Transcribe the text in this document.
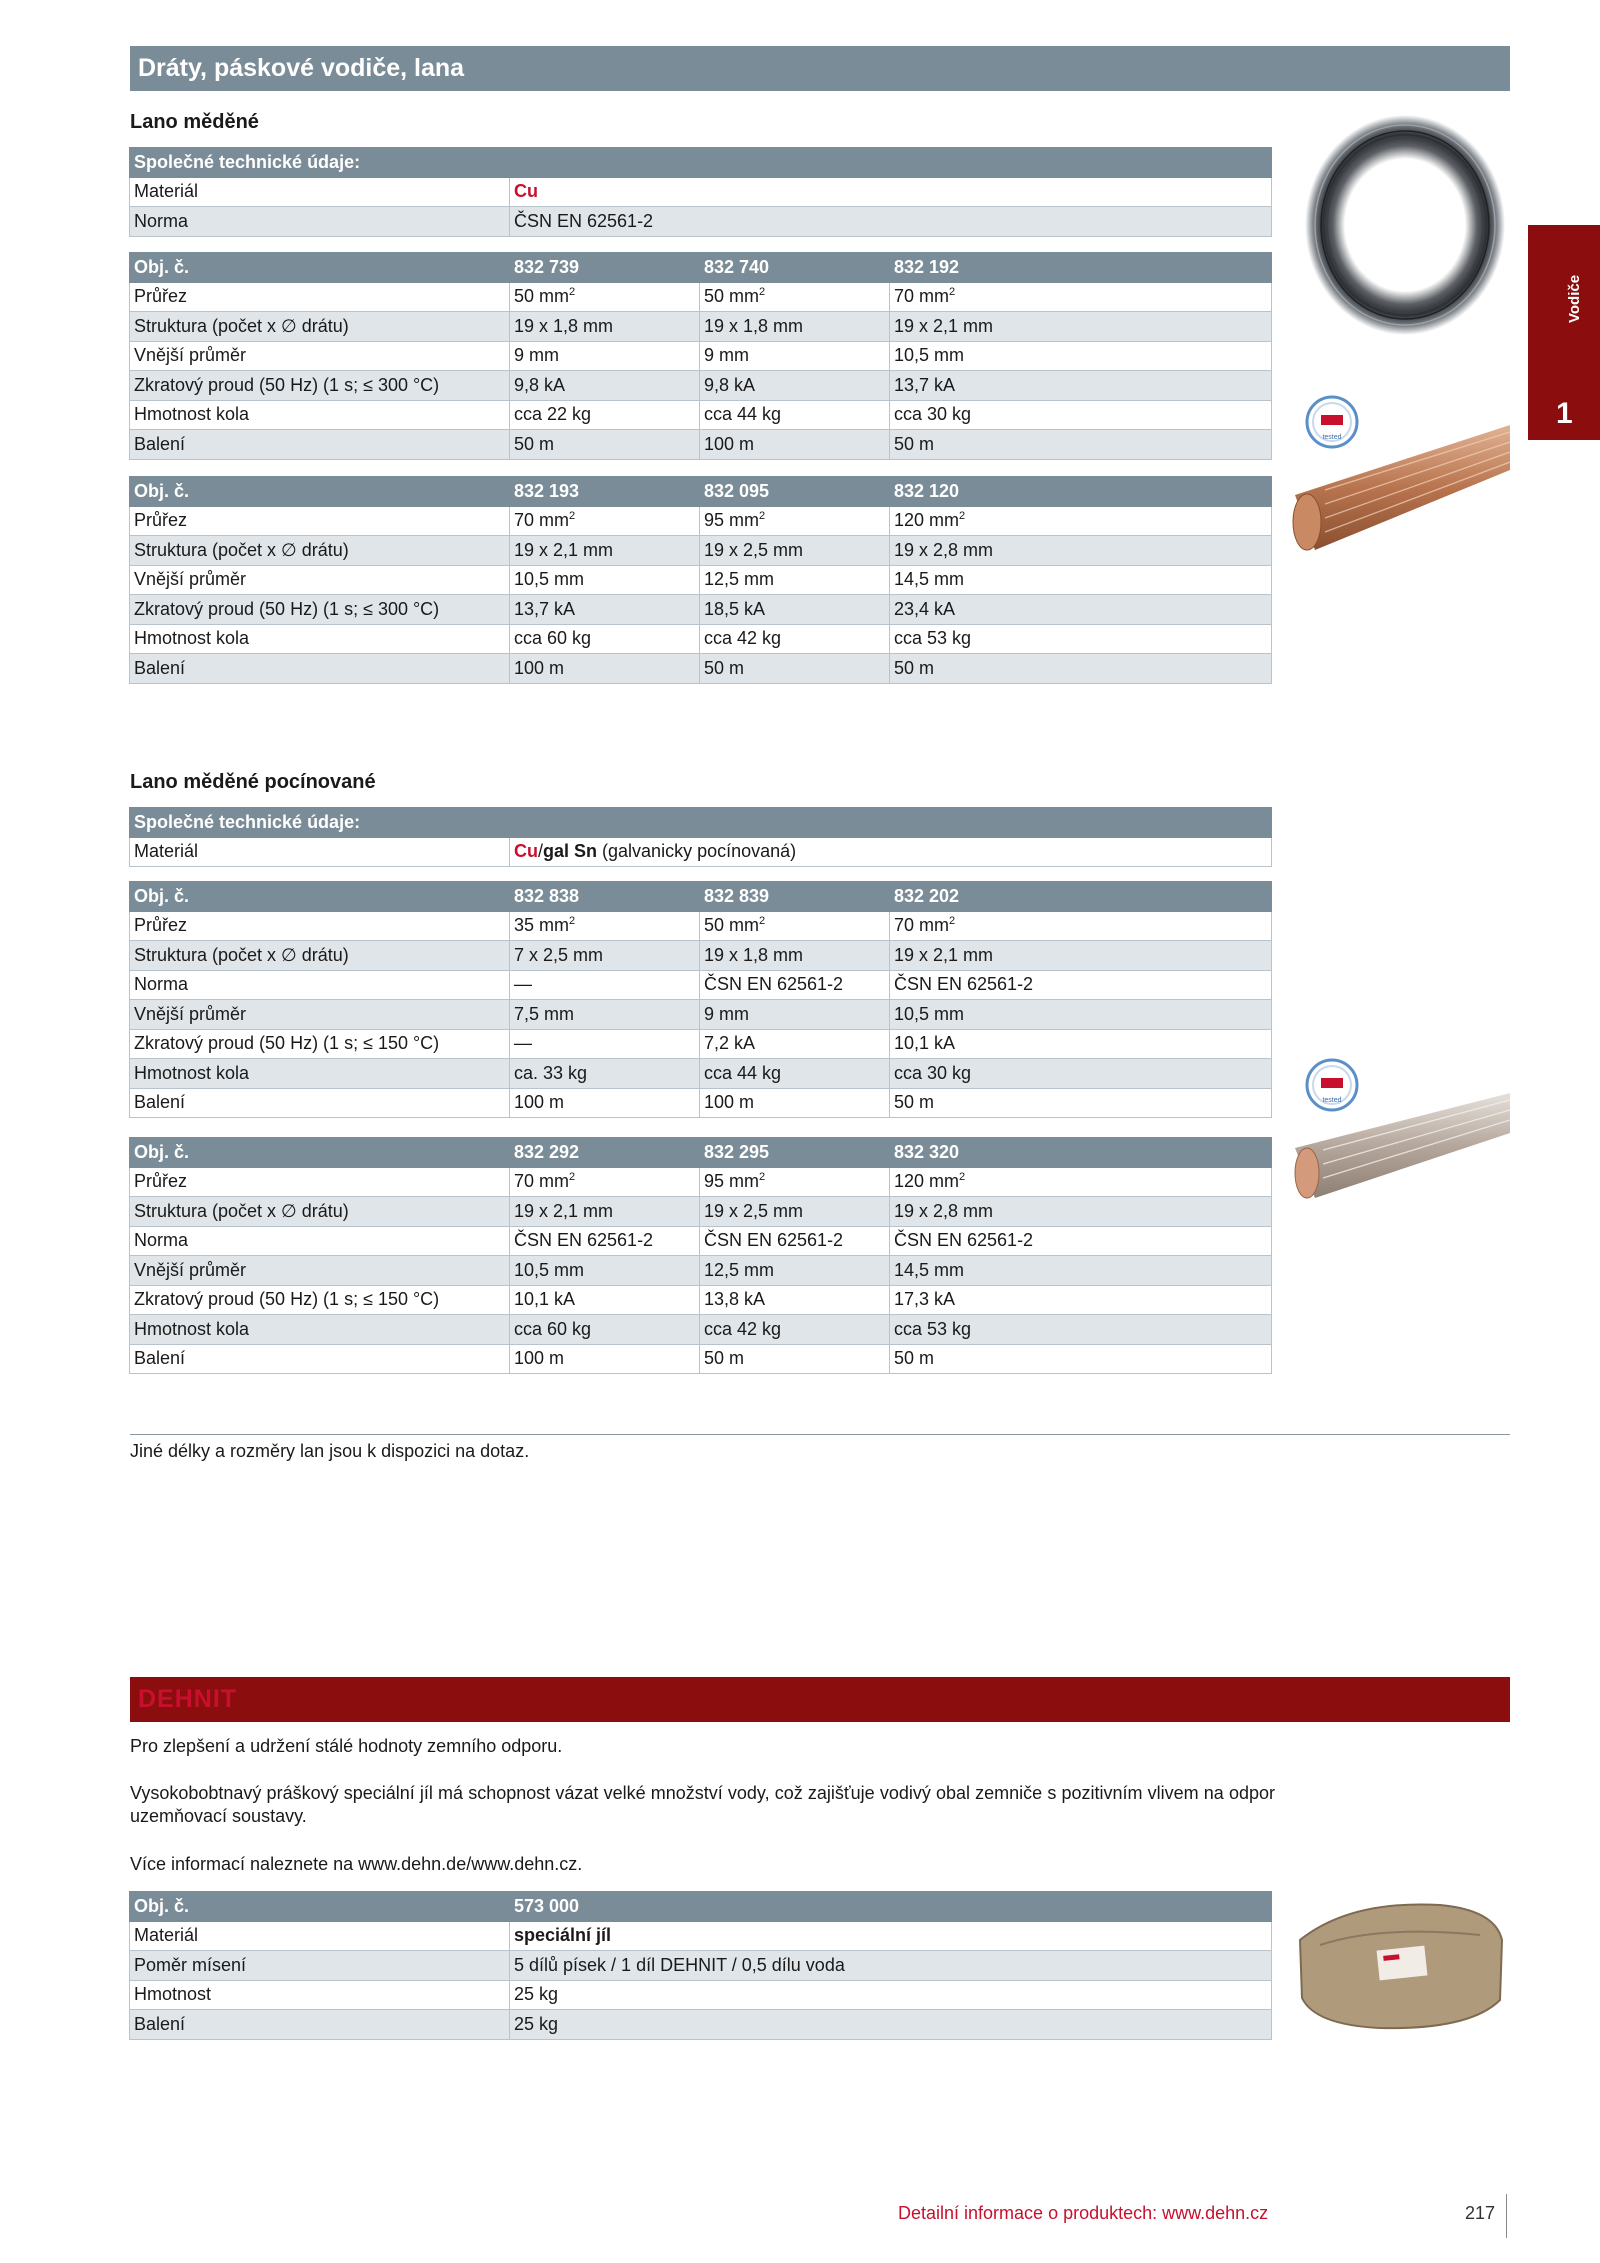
Dráty, páskové vodiče, lana
Vodiče
1
Lano měděné
Společné technické údaje:	
Materiál	Cu
Norma	ČSN EN 62561-2
Obj. č.	832 739	832 740	832 192
Průřez	50 $mm^2$	50 $mm^2$	70 $mm^2$
Struktura (počet x ∅ drátu)	19 x 1,8 mm	19 x 1,8 mm	19 x 2,1 mm
Vnější průměr	9 mm	9 mm	10,5 mm
Zkratový proud (50 Hz) (1 s; ≤ 300 °C)	9,8 kA	9,8 kA	13,7 kA
Hmotnost kola	cca 22 kg	cca 44 kg	cca 30 kg
Balení	50 m	100 m	50 m
Obj. č.	832 193	832 095	832 120
Průřez	70 $mm^2$	95 $mm^2$	120 $mm^2$
Struktura (počet x ∅ drátu)	19 x 2,1 mm	19 x 2,5 mm	19 x 2,8 mm
Vnější průměr	10,5 mm	12,5 mm	14,5 mm
Zkratový proud (50 Hz) (1 s; ≤ 300 °C)	13,7 kA	18,5 kA	23,4 kA
Hmotnost kola	cca 60 kg	cca 42 kg	cca 53 kg
Balení	100 m	50 m	50 m
Lano měděné pocínované
Společné technické údaje:
Materiál	Cu/gal Sn (galvanicky pocínovaná)
Obj. č.	832 838	832 839	832 202
Průřez	35 $mm^2$	50 $mm^2$	70 $mm^2$
Struktura (počet x ∅ drátu)	7 x 2,5 mm	19 x 1,8 mm	19 x 2,1 mm
Norma	—	ČSN EN 62561-2	ČSN EN 62561-2
Vnější průměr	7,5 mm	9 mm	10,5 mm
Zkratový proud (50 Hz) (1 s; ≤ 150 °C)	—	7,2 kA	10,1 kA
Hmotnost kola	ca. 33 kg	cca 44 kg	cca 30 kg
Balení	100 m	100 m	50 m
Obj. č.	832 292	832 295	832 320
Průřez	70 $mm^2$	95 $mm^2$	120 $mm^2$
Struktura (počet x ∅ drátu)	19 x 2,1 mm	19 x 2,5 mm	19 x 2,8 mm
Norma	ČSN EN 62561-2	ČSN EN 62561-2	ČSN EN 62561-2
Vnější průměr	10,5 mm	12,5 mm	14,5 mm
Zkratový proud (50 Hz) (1 s; ≤ 150 °C)	10,1 kA	13,8 kA	17,3 kA
Hmotnost kola	cca 60 kg	cca 42 kg	cca 53 kg
Balení	100 m	50 m	50 m
Jiné délky a rozměry lan jsou k dispozici na dotaz.
DEHNIT
Pro zlepšení a udržení stálé hodnoty zemního odporu.
Vysokobobtnavý práškový speciální jíl má schopnost vázat velké množství vody, což zajišťuje vodivý obal zemniče s pozitivním vlivem na odpor uzemňovací soustavy.
Více informací naleznete na www.dehn.de/www.dehn.cz.
Obj. č.	573 000
Materiál	speciální jíl
Poměr mísení	5 dílů písek / 1 díl DEHNIT / 0,5 dílu voda
Hmotnost	25 kg
Balení	25 kg
tested
tested
Detailní informace o produktech: www.dehn.cz	217
